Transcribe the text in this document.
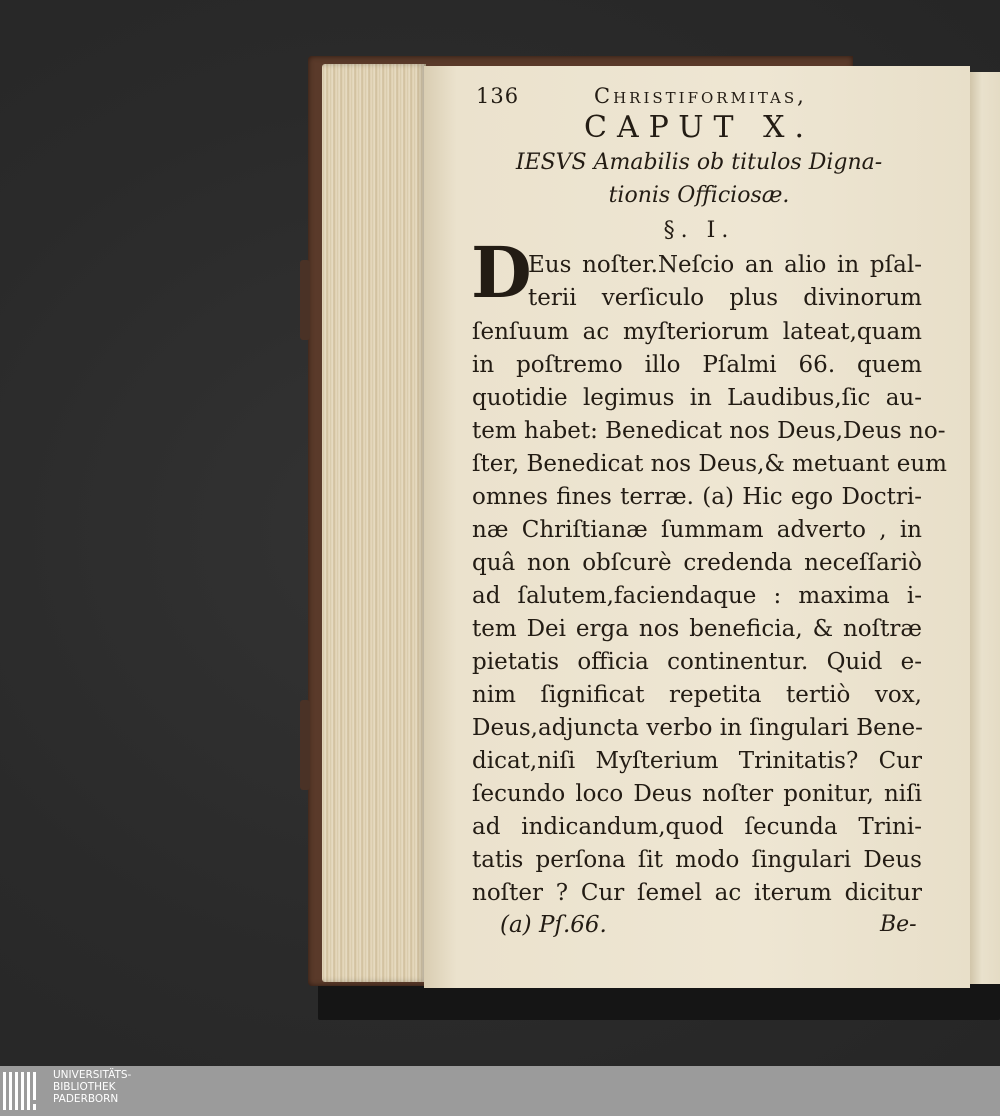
136	Christiformitas,
CAPUT X.
IESVS Amabilis ob titulos Digna-
tionis Officiosæ.
§. I.
D
Eus noſter.Neſcio an alio in pſal-
terii verſiculo plus divinorum
ſenſuum ac myſteriorum lateat,quam
in poſtremo illo Pſalmi 66. quem
quotidie legimus in Laudibus,ſic au-
tem habet: Benedicat nos Deus,Deus no-
ſter, Benedicat nos Deus,& metuant eum
omnes fines terræ. (a) Hic ego Doctri-
næ Chriſtianæ ſummam adverto , in
quâ non obſcurè credenda neceſſariò
ad ſalutem,faciendaque : maxima i-
tem Dei erga nos beneficia, & noſtræ
pietatis officia continentur. Quid e-
nim ſignificat repetita tertiò vox,
Deus,adjuncta verbo in ſingulari Bene-
dicat,niſi Myſterium Trinitatis? Cur
ſecundo loco Deus noſter ponitur, niſi
ad indicandum,quod ſecunda Trini-
tatis perſona ſit modo ſingulari Deus
noſter ? Cur ſemel ac iterum dicitur
(a) Pſ.66.	Be-
UNIVERSITÄTS-
BIBLIOTHEK
PADERBORN
